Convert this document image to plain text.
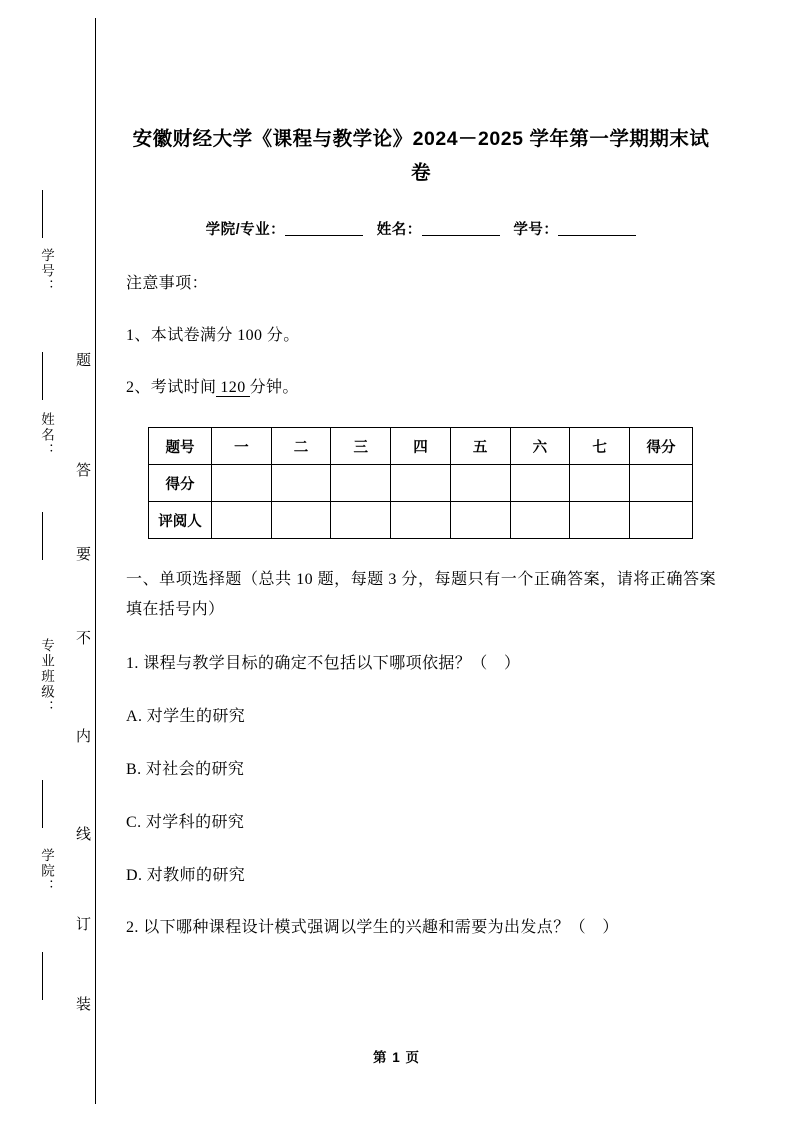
学号：
姓名：
专业班级：
学院：
题
答
要
不
内
线
订
装
安徽财经大学《课程与教学论》2024－2025 学年第一学期期末试卷
学院/专业：	姓名：	学号：
注意事项：
1、本试卷满分 100 分。
2、考试时间 120 分钟。
题号	一	二	三	四	五	六	七	得分
得分								
评阅人								
一、单项选择题（总共 10 题，每题 3 分，每题只有一个正确答案，请将正确答案填在括号内）
1. 课程与教学目标的确定不包括以下哪项依据？（　）
A. 对学生的研究
B. 对社会的研究
C. 对学科的研究
D. 对教师的研究
2. 以下哪种课程设计模式强调以学生的兴趣和需要为出发点？（　）
第 1 页
